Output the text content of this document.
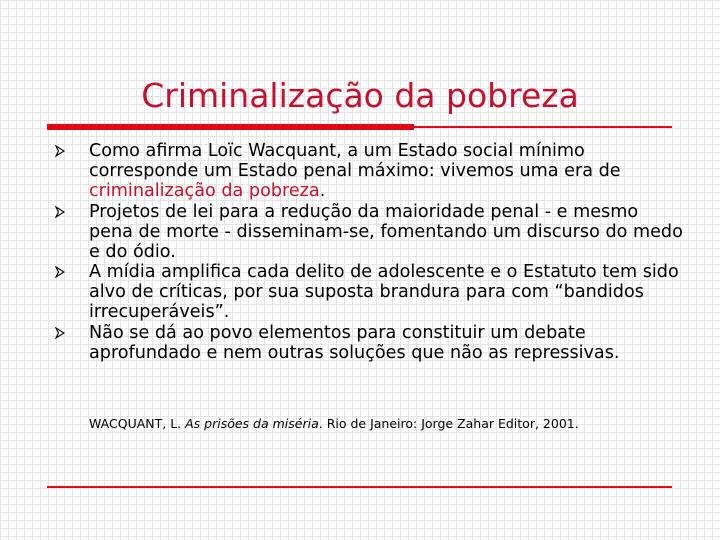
Criminalização da pobreza
Como afirma Loïc Wacquant, a um Estado social mínimo corresponde um Estado penal máximo: vivemos uma era de criminalização da pobreza.
Projetos de lei para a redução da maioridade penal - e mesmo pena de morte - disseminam-se, fomentando um discurso do medo e do ódio.
A mídia amplifica cada delito de adolescente e o Estatuto tem sido alvo de críticas, por sua suposta brandura para com “bandidos irrecuperáveis”.
Não se dá ao povo elementos para constituir um debate aprofundado e nem outras soluções que não as repressivas.
WACQUANT, L. As prisões da miséria. Rio de Janeiro: Jorge Zahar Editor, 2001.
